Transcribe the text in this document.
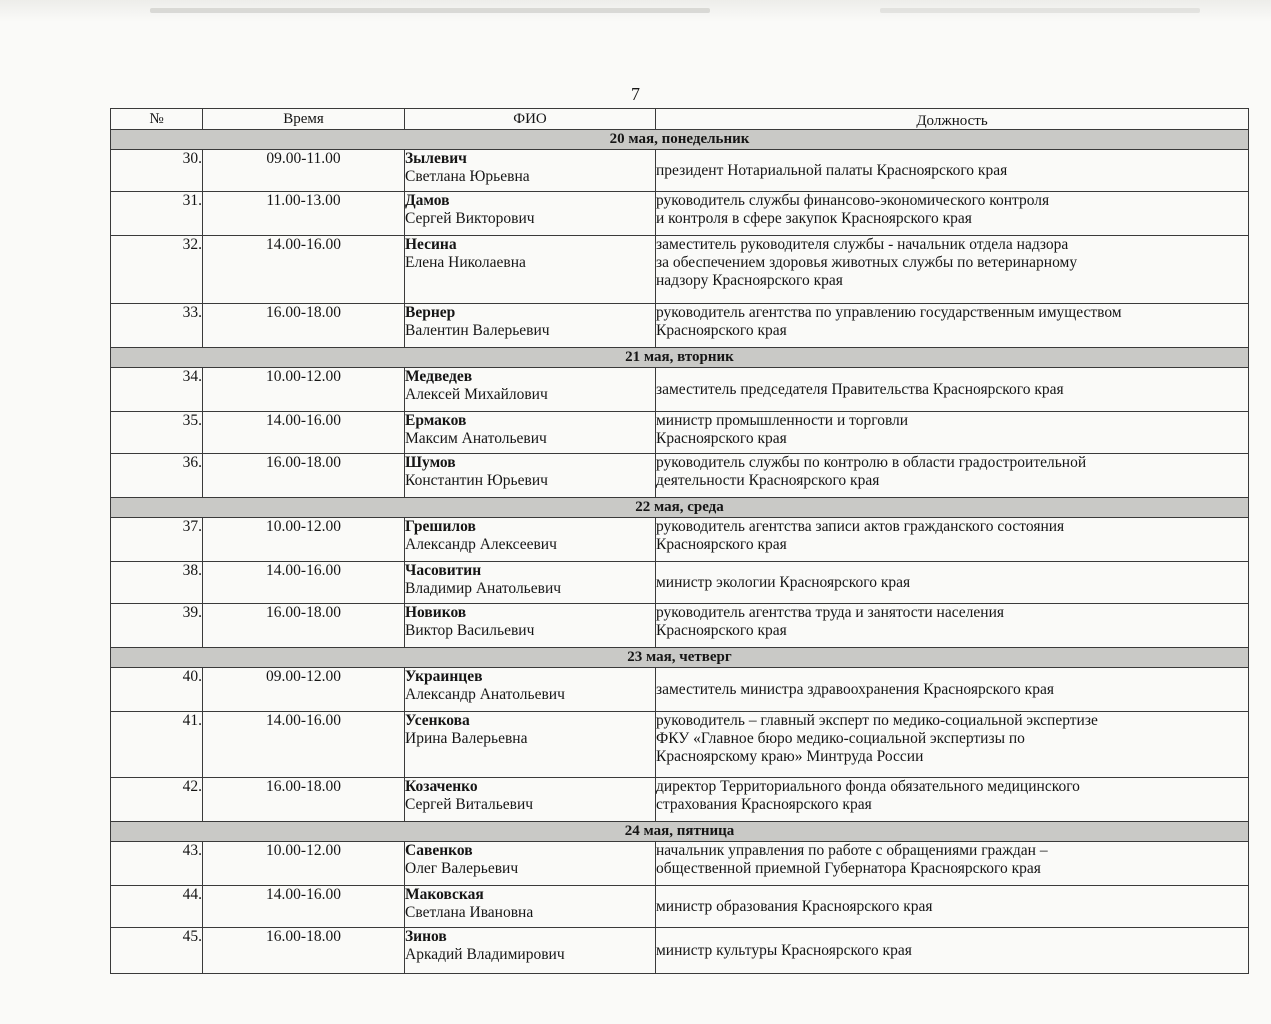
7
№	Время	ФИО	Должность
20 мая, понедельник			
30.	09.00-11.00	Зылевич
Светлана Юрьевна	президент Нотариальной палаты Красноярского края

31.	11.00-13.00	Дамов
Сергей Викторович	руководитель службы финансово-экономического контроля
и контроля в сфере закупок Красноярского края

32.	14.00-16.00	Несина
Елена Николаевна	заместитель руководителя службы - начальник отдела надзора
за обеспечением здоровья животных службы по ветеринарному
надзору Красноярского края

33.	16.00-18.00	Вернер
Валентин Валерьевич	руководитель агентства по управлению государственным имуществом
Красноярского края

21 мая, вторник			
34.	10.00-12.00	Медведев
Алексей Михайлович	заместитель председателя Правительства Красноярского края

35.	14.00-16.00	Ермаков
Максим Анатольевич	министр промышленности и торговли
Красноярского края

36.	16.00-18.00	Шумов
Константин Юрьевич	руководитель службы по контролю в области градостроительной
деятельности Красноярского края

22 мая, среда			
37.	10.00-12.00	Грешилов
Александр Алексеевич	руководитель агентства записи актов гражданского состояния
Красноярского края

38.	14.00-16.00	Часовитин
Владимир Анатольевич	министр экологии Красноярского края

39.	16.00-18.00	Новиков
Виктор Васильевич	руководитель агентства труда и занятости населения
Красноярского края

23 мая, четверг			
40.	09.00-12.00	Украинцев
Александр Анатольевич	заместитель министра здравоохранения Красноярского края

41.	14.00-16.00	Усенкова
Ирина Валерьевна	руководитель – главный эксперт по медико-социальной экспертизе
ФКУ «Главное бюро медико-социальной экспертизы по
Красноярскому краю» Минтруда России

42.	16.00-18.00	Козаченко
Сергей Витальевич	директор Территориального фонда обязательного медицинского
страхования Красноярского края

24 мая, пятница			
43.	10.00-12.00	Савенков
Олег Валерьевич	начальник управления по работе с обращениями граждан –
общественной приемной Губернатора Красноярского края

44.	14.00-16.00	Маковская
Светлана Ивановна	министр образования Красноярского края

45.	16.00-18.00	Зинов
Аркадий Владимирович	министр культуры Красноярского края
